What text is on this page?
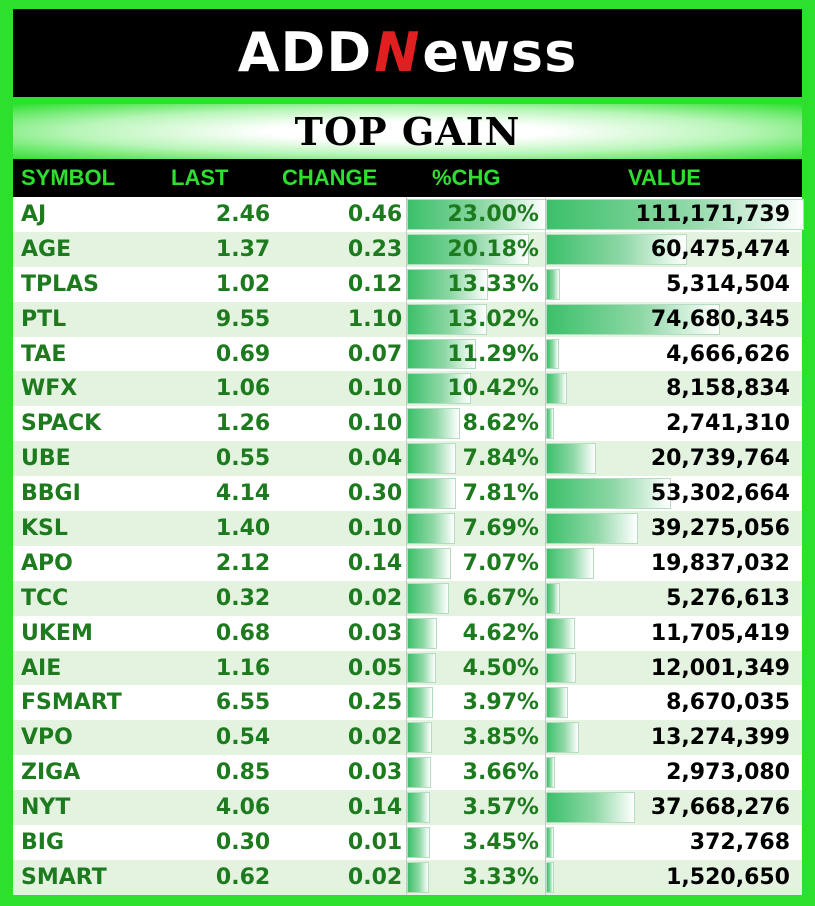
ADD N ewss
TOP GAIN
SYMBOL	LAST	CHANGE	%CHG	VALUE
AJ	2.46	0.46 23.00%	111,171,739
AGE	1.37	0.23 20.18%	60,475,474
TPLAS	1.02	0.12 13.33%	5,314,504
PTL	9.55	1.10 13.02%	74,680,345
TAE	0.69	0.07 11.29%	4,666,626
WFX	1.06	0.10 10.42%	8,158,834
SPACK	1.26	0.10	8.62%	2,741,310
UBE	0.55	0.04	7.84%	20,739,764
BBGI	4.14	0.30	7.81%	53,302,664
KSL	1.40	0.10	7.69%	39,275,056
APO	2.12	0.14	7.07%	19,837,032
TCC	0.32	0.02	6.67%	5,276,613
UKEM	0.68	0.03	4.62%	11,705,419
AIE	1.16	0.05	4.50%	12,001,349
FSMART	6.55	0.25	3.97%	8,670,035
VPO	0.54	0.02	3.85%	13,274,399
ZIGA	0.85	0.03	3.66%	2,973,080
NYT	4.06	0.14	3.57%	37,668,276
BIG	0.30	0.01	3.45%	372,768
SMART	0.62	0.02	3.33%	1,520,650
